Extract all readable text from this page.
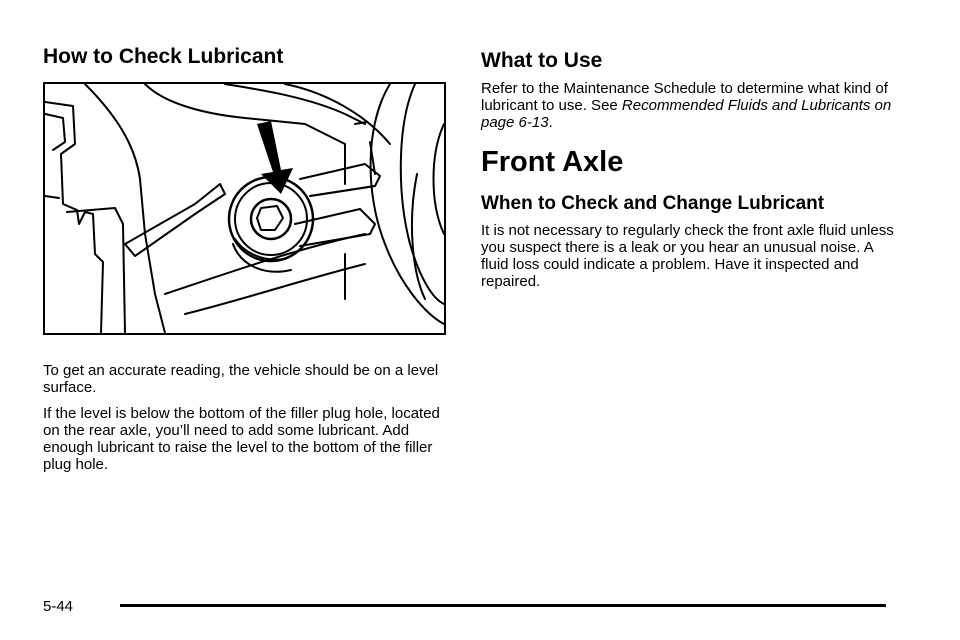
How to Check Lubricant

To get an accurate reading, the vehicle should be on a level surface.

If the level is below the bottom of the filler plug hole, located on the rear axle, you’ll need to add some lubricant. Add enough lubricant to raise the level to the bottom of the filler plug hole.

What to Use

Refer to the Maintenance Schedule to determine what kind of lubricant to use. See Recommended Fluids and Lubricants on page 6-13.

Front Axle
When to Check and Change Lubricant

It is not necessary to regularly check the front axle fluid unless you suspect there is a leak or you hear an unusual noise. A fluid loss could indicate a problem. Have it inspected and repaired.

5-44
